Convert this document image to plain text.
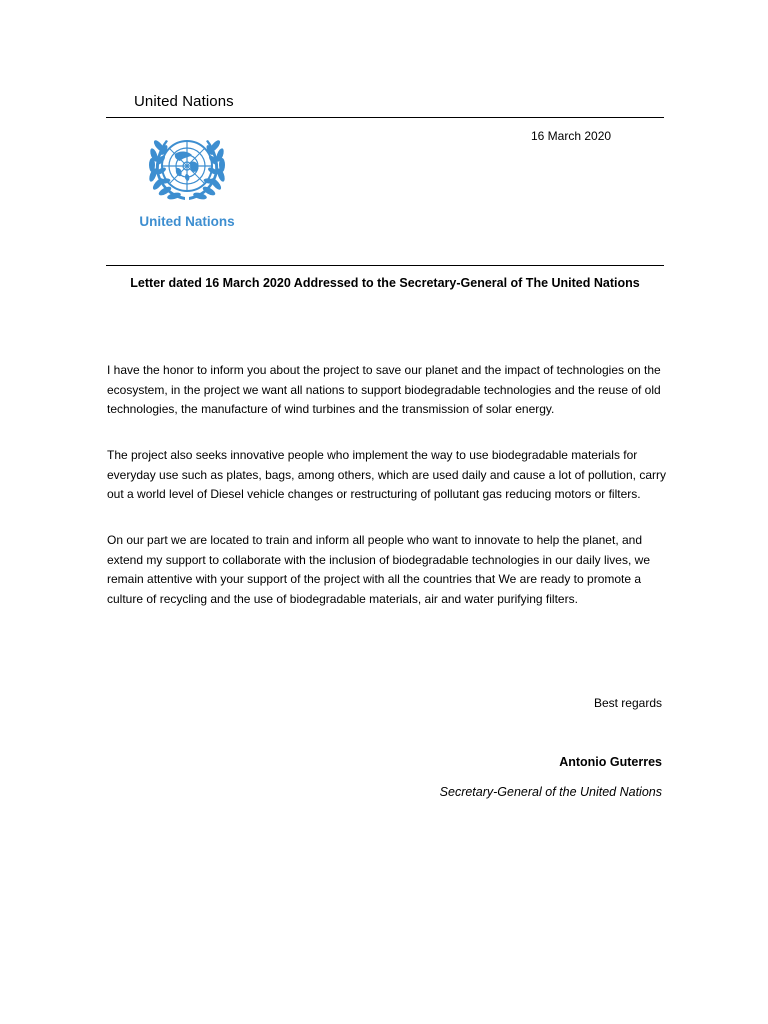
United Nations
United Nations
16 March 2020
Letter dated 16 March 2020 Addressed to the Secretary-General of The United Nations

I have the honor to inform you about the project to save our planet and the impact of technologies on the ecosystem, in the project we want all nations to support biodegradable technologies and the reuse of old technologies, the manufacture of wind turbines and the transmission of solar energy.

The project also seeks innovative people who implement the way to use biodegradable materials for everyday use such as plates, bags, among others, which are used daily and cause a lot of pollution, carry out a world level of Diesel vehicle changes or restructuring of pollutant gas reducing motors or filters.

On our part we are located to train and inform all people who want to innovate to help the planet, and extend my support to collaborate with the inclusion of biodegradable technologies in our daily lives, we remain attentive with your support of the project with all the countries that We are ready to promote a culture of recycling and the use of biodegradable materials, air and water purifying filters.

Best regards
Antonio Guterres
Secretary-General of the United Nations
